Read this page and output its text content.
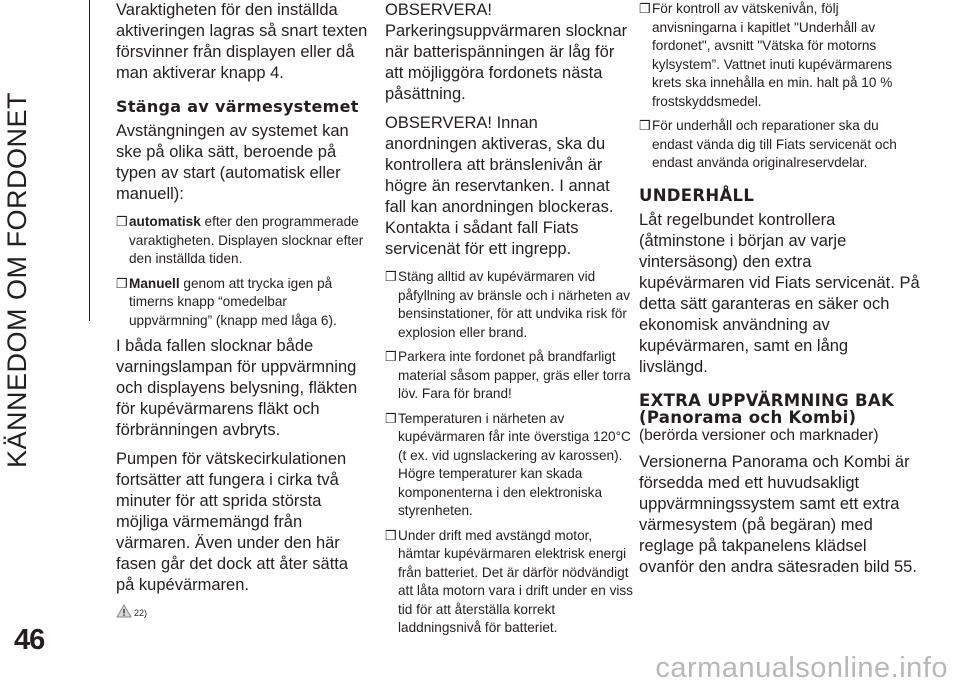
KÄNNEDOM OM FORDONET

Varaktigheten för den inställda aktiveringen lagras så snart texten försvinner från displayen eller då man aktiverar knapp 4.

Stänga av värmesystemet

Avstängningen av systemet kan ske på olika sätt, beroende på typen av start (automatisk eller manuell):

❒ automatisk efter den programmerade varaktigheten. Displayen slocknar efter den inställda tiden.
❒ Manuell genom att trycka igen på timerns knapp “omedelbar uppvärmning” (knapp med låga 6).

I båda fallen slocknar både varningslampan för uppvärmning och displayens belysning, fläkten för kupévärmarens fläkt och förbränningen avbryts.

Pumpen för vätskecirkulationen fortsätter att fungera i cirka två minuter för att sprida största möjliga värmemängd från värmaren. Även under den här fasen går det dock att åter sätta på kupévärmaren.

22)

OBSERVERA! Parkeringsuppvärmaren slocknar när batterispänningen är låg för att möjliggöra fordonets nästa påsättning.

OBSERVERA! Innan anordningen aktiveras, ska du kontrollera att bränslenivån är högre än reservtanken. I annat fall kan anordningen blockeras. Kontakta i sådant fall Fiats servicenät för ett ingrepp.

❒ Stäng alltid av kupévärmaren vid påfyllning av bränsle och i närheten av bensinstationer, för att undvika risk för explosion eller brand.
❒ Parkera inte fordonet på brandfarligt material såsom papper, gräs eller torra löv. Fara för brand!
❒ Temperaturen i närheten av kupévärmaren får inte överstiga 120°C (t ex. vid ugnslackering av karossen). Högre temperaturer kan skada komponenterna i den elektroniska styrenheten.
❒ Under drift med avstängd motor, hämtar kupévärmaren elektrisk energi från batteriet. Det är därför nödvändigt att låta motorn vara i drift under en viss tid för att återställa korrekt laddningsnivå för batteriet.
❒ För kontroll av vätskenivån, följ anvisningarna i kapitlet "Underhåll av fordonet", avsnitt "Vätska för motorns kylsystem”. Vattnet inuti kupévärmarens krets ska innehålla en min. halt på 10 % frostskyddsmedel.
❒ För underhåll och reparationer ska du endast vända dig till Fiats servicenät och endast använda originalreservdelar.
UNDERHÅLL

Låt regelbundet kontrollera (åtminstone i början av varje vintersäsong) den extra kupévärmaren vid Fiats servicenät. På detta sätt garanteras en säker och ekonomisk användning av kupévärmaren, samt en lång livslängd.

EXTRA UPPVÄRMNING BAK (Panorama och Kombi)

(berörda versioner och marknader)

Versionerna Panorama och Kombi är försedda med ett huvudsakligt uppvärmningssystem samt ett extra värmesystem (på begäran) med reglage på takpanelens klädsel ovanför den andra sätesraden bild 55.

46
carmanualsonline.info
